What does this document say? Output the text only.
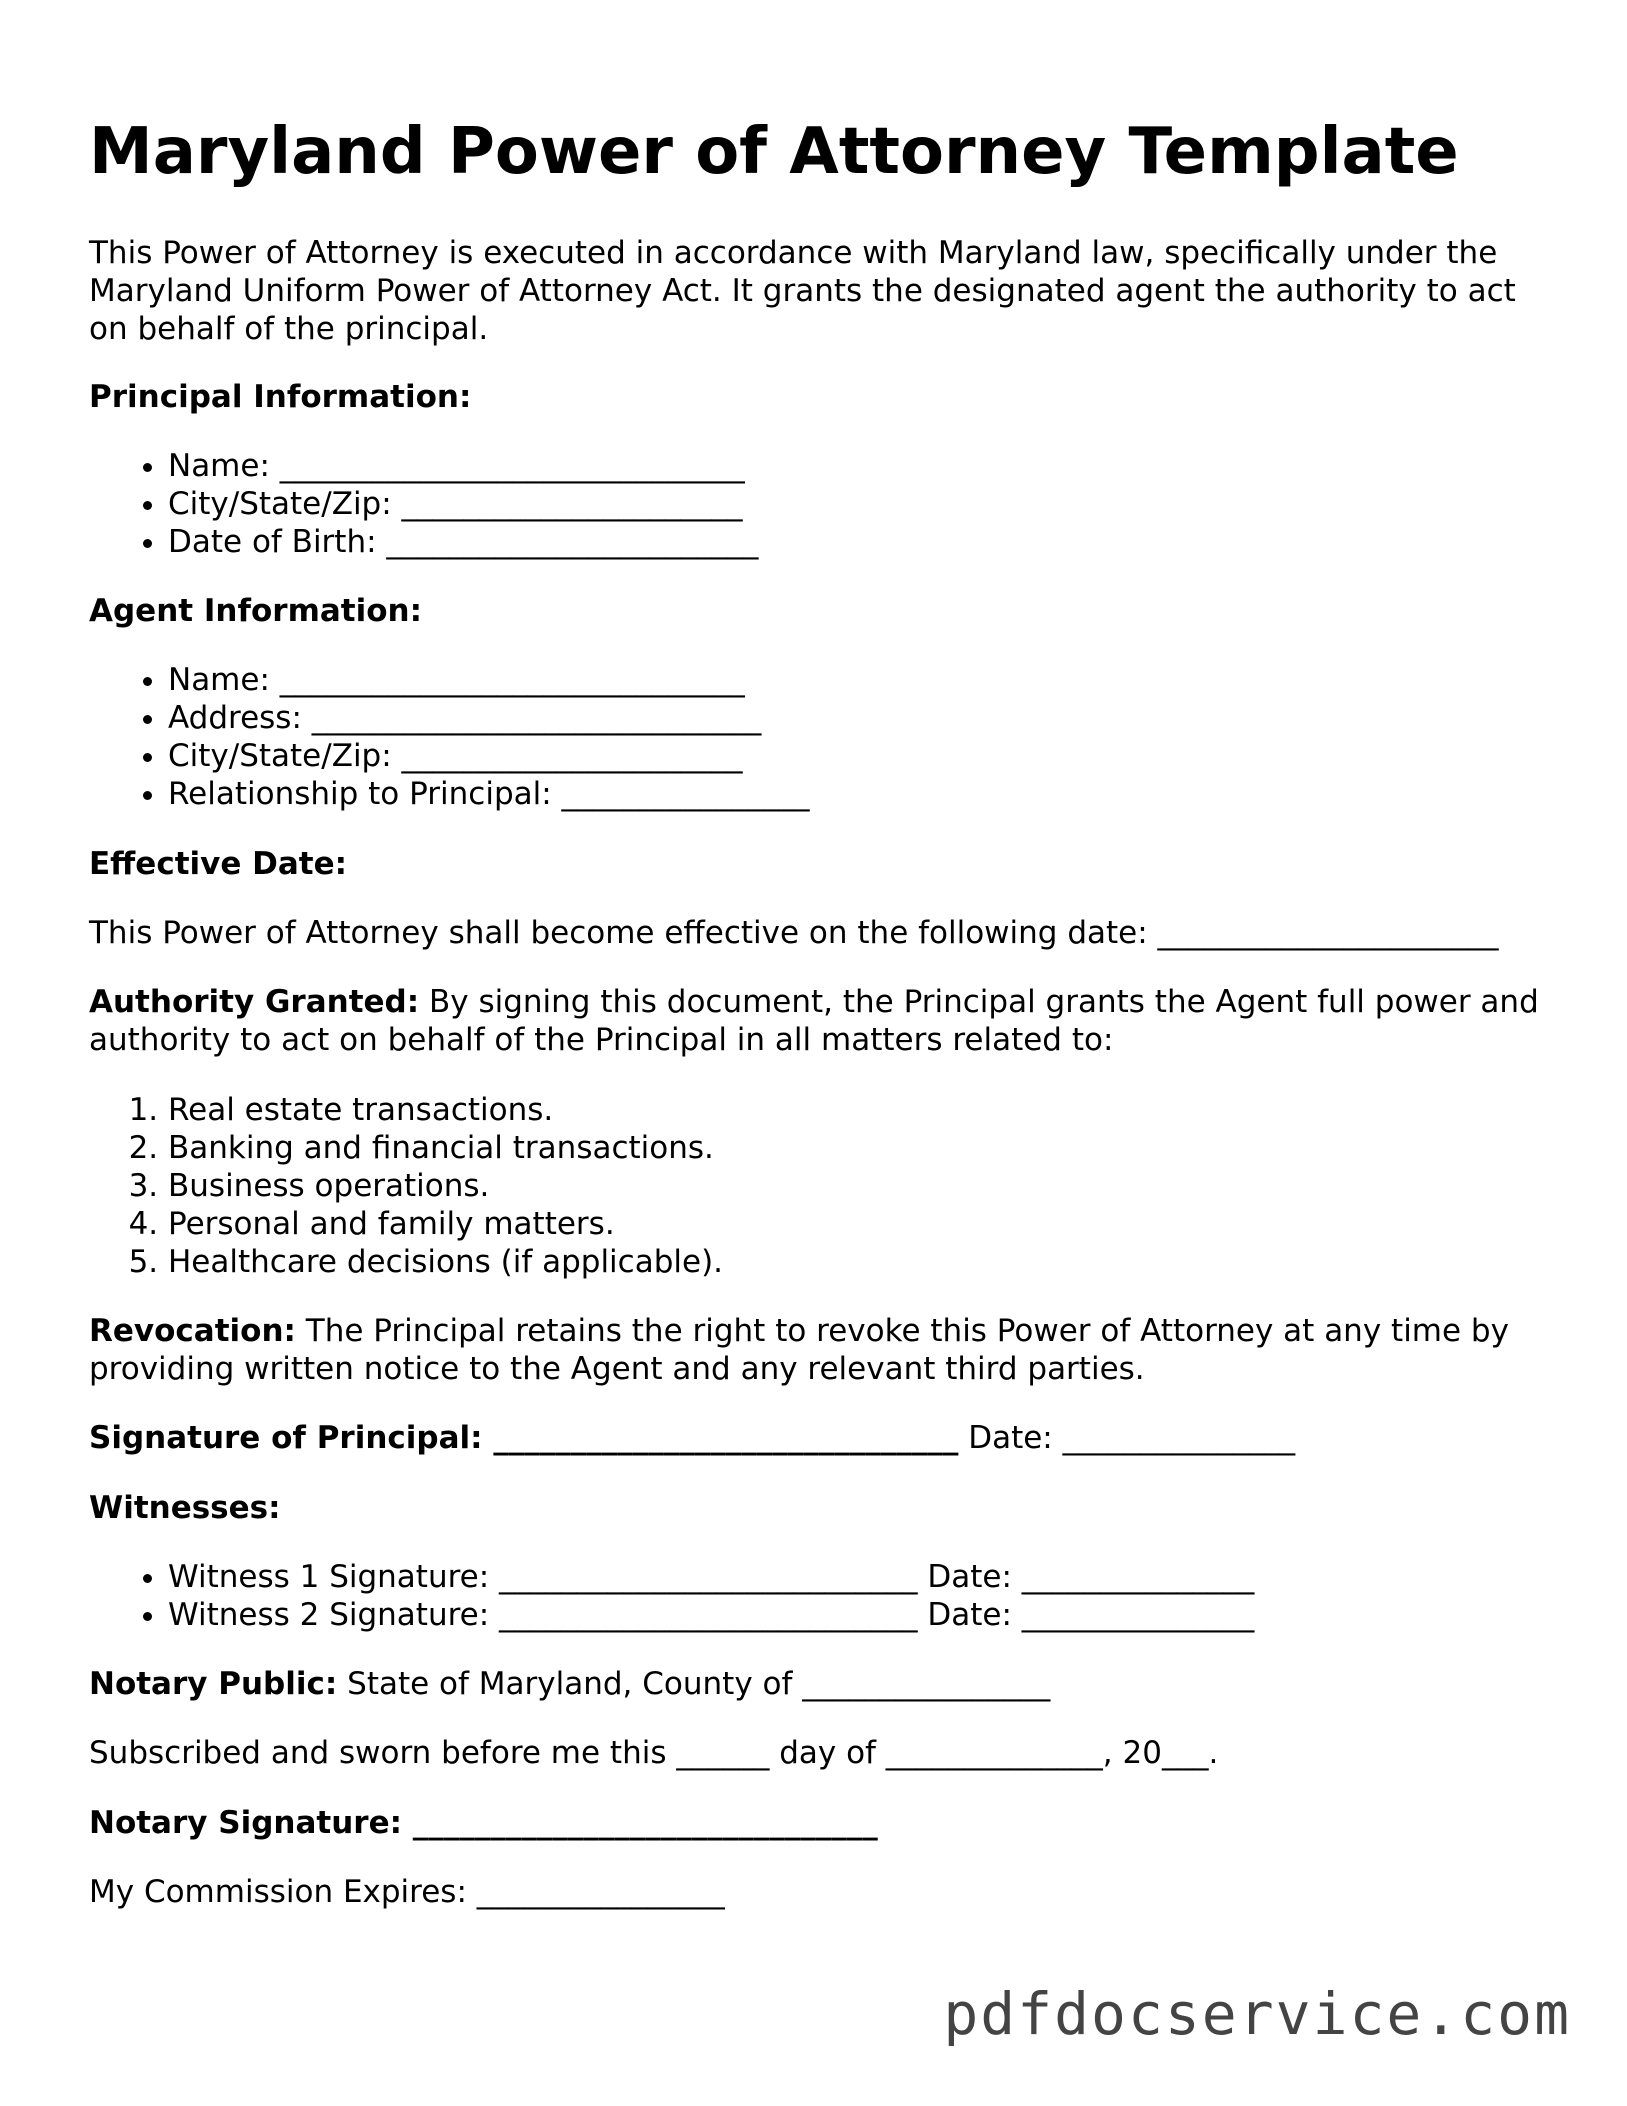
Maryland Power of Attorney Template

This Power of Attorney is executed in accordance with Maryland law, specifically under the Maryland Uniform Power of Attorney Act. It grants the designated agent the authority to act on behalf of the principal.

Principal Information:

• Name: ______________________________
• City/State/Zip: ______________________
• Date of Birth: ________________________

Agent Information:

• Name: ______________________________
• Address: _____________________________
• City/State/Zip: ______________________
• Relationship to Principal: ________________

Effective Date:

This Power of Attorney shall become effective on the following date: ______________________

Authority Granted: By signing this document, the Principal grants the Agent full power and authority to act on behalf of the Principal in all matters related to:

1. Real estate transactions.
2. Banking and financial transactions.
3. Business operations.
4. Personal and family matters.
5. Healthcare decisions (if applicable).

Revocation: The Principal retains the right to revoke this Power of Attorney at any time by providing written notice to the Agent and any relevant third parties.

Signature of Principal: ______________________________ Date: _______________

Witnesses:

• Witness 1 Signature: ___________________________ Date: _______________
• Witness 2 Signature: ___________________________ Date: _______________

Notary Public: State of Maryland, County of ________________

Subscribed and sworn before me this ______ day of ______________, 20___.

Notary Signature: ______________________________

My Commission Expires: ________________

pdfdocservice.com
